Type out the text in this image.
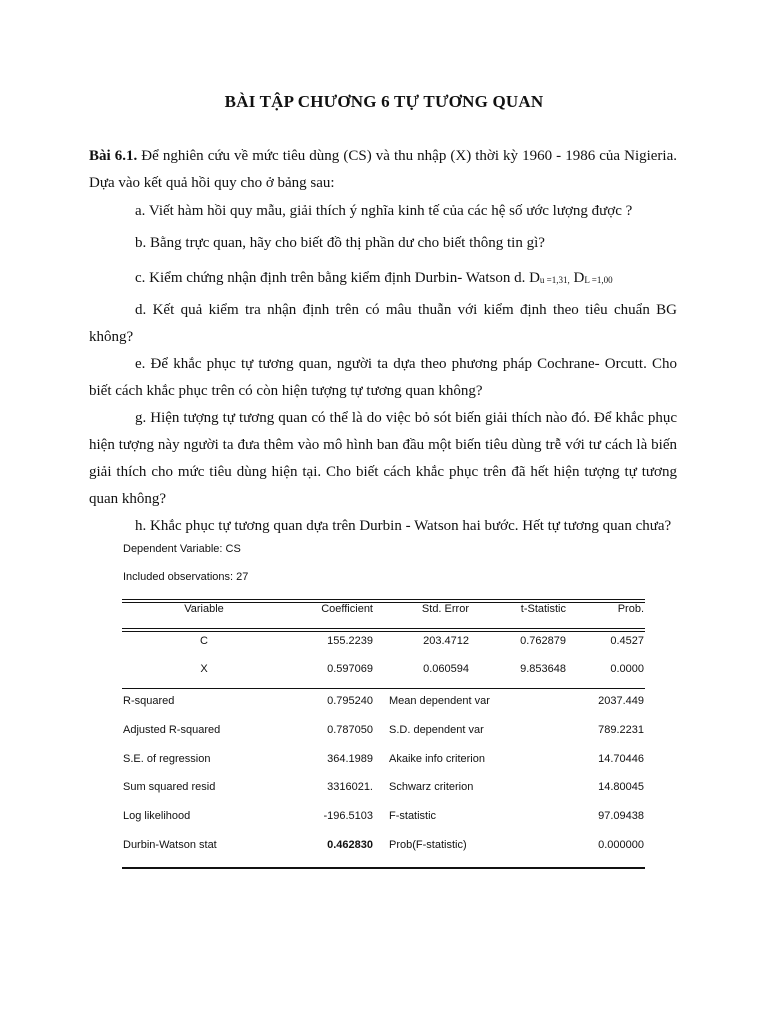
BÀI TẬP CHƯƠNG 6 TỰ TƯƠNG QUAN
Bài 6.1. Để nghiên cứu về mức tiêu dùng (CS) và thu nhập (X) thời kỳ 1960 - 1986 của Nigieria. Dựa vào kết quả hồi quy cho ở bảng sau:
a. Viết hàm hồi quy mẫu, giải thích ý nghĩa kinh tế của các hệ số ước lượng được ?
b. Bằng trực quan, hãy cho biết đồ thị phần dư cho biết thông tin gì?
c. Kiểm chứng nhận định trên bằng kiểm định Durbin- Watson d. Du =1,31, DL =1,00
d. Kết quả kiểm tra nhận định trên có mâu thuẫn với kiểm định theo tiêu chuẩn BG không?
e. Để khắc phục tự tương quan, người ta dựa theo phương pháp Cochrane- Orcutt. Cho biết cách khắc phục trên có còn hiện tượng tự tương quan không?
g. Hiện tượng tự tương quan có thể là do việc bỏ sót biến giải thích nào đó. Để khắc phục hiện tượng này người ta đưa thêm vào mô hình ban đầu một biến tiêu dùng trễ với tư cách là biến giải thích cho mức tiêu dùng hiện tại. Cho biết cách khắc phục trên đã hết hiện tượng tự tương quan không?
h. Khắc phục tự tương quan dựa trên Durbin - Watson hai bước. Hết tự tương quan chưa?
Dependent Variable: CS
Included observations: 27
Variable	Coefficient	Std. Error	t-Statistic	Prob.
C	155.2239	203.4712	0.762879	0.4527
X	0.597069	0.060594	9.853648	0.0000
R-squared	0.795240 Mean dependent var	2037.449
Adjusted R-squared	0.787050 S.D. dependent var	789.2231
S.E. of regression	364.1989 Akaike info criterion	14.70446
Sum squared resid	3316021. Schwarz criterion	14.80045
Log likelihood	-196.5103 F-statistic	97.09438
Durbin-Watson stat	0.462830 Prob(F-statistic)	0.000000
